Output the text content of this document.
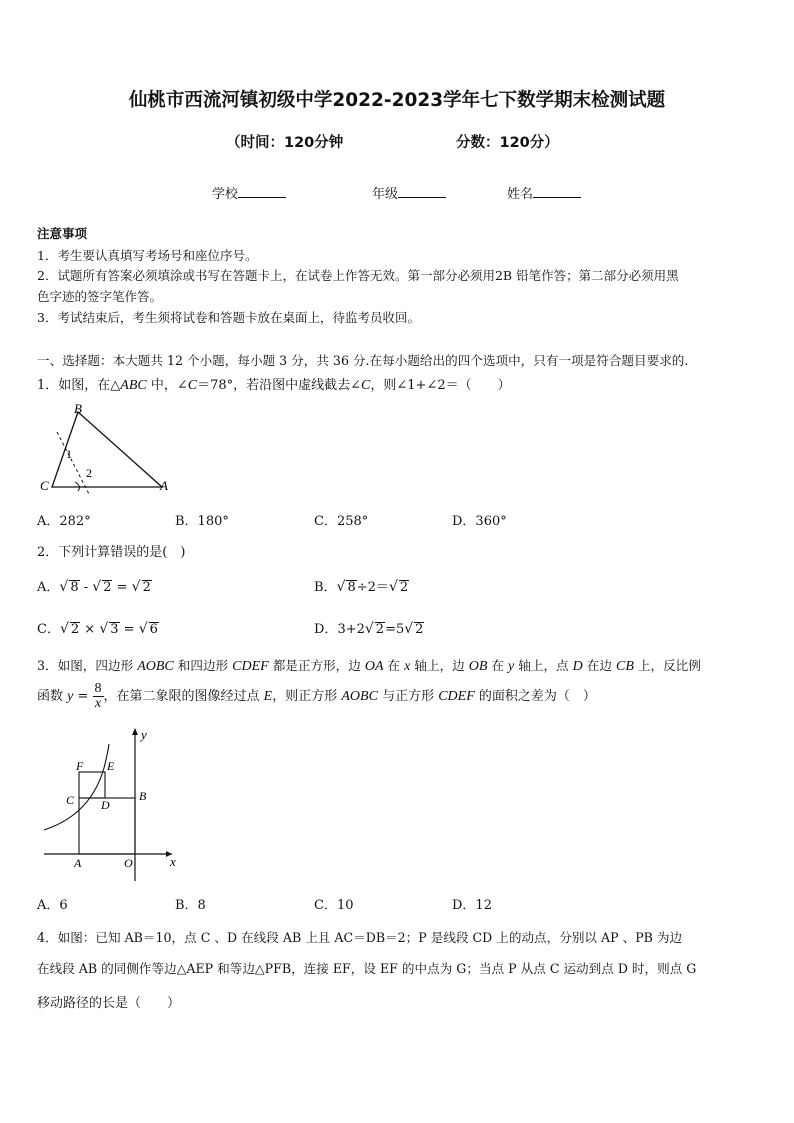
仙桃市西流河镇初级中学2022-2023学年七下数学期末检测试题
（时间：120分钟	分数：120分）
学校	年级	姓名
注意事项
1．考生要认真填写考场号和座位序号。
2．试题所有答案必须填涂或书写在答题卡上，在试卷上作答无效。第一部分必须用2B 铅笔作答；第二部分必须用黑
色字迹的签字笔作答。
3．考试结束后，考生须将试卷和答题卡放在桌面上，待监考员收回。
一、选择题：本大题共 12 个小题，每小题 3 分，共 36 分.在每小题给出的四个选项中，只有一项是符合题目要求的.
1．如图，在△ABC 中，∠C＝78°，若沿图中虚线截去∠C，则∠1+∠2＝（　　）
B
C	A
1
2
A．282°	B．180°	C．258°	D．360°
2．下列计算错误的是(　)
A．√ 8 - √ 2 = √ 2	B．√ 8÷2＝√ 2
C．√ 2 × √ 3 = √ 6	D．3+2√ 2=5√ 2
3．如图，四边形 AOBC 和四边形 CDEF 都是正方形，边 OA 在 x 轴上，边 OB 在 y 轴上，点 D 在边 CB 上，反比例
函数 $y = \frac{8}{x}$ ，在第二象限的图像经过点 E，则正方形 AOBC 与正方形 CDEF 的面积之差为（　）
y
x
F E
C D
B
A	O
A．6	B．8	C．10	D．12
4．如图：已知 AB＝10，点 C 、D 在线段 AB 上且 AC＝DB＝2；P 是线段 CD 上的动点，分别以 AP 、PB 为边
在线段 AB 的同侧作等边△AEP 和等边△PFB，连接 EF，设 EF 的中点为 G；当点 P 从点 C 运动到点 D 时，则点 G
移动路径的长是（　　）
